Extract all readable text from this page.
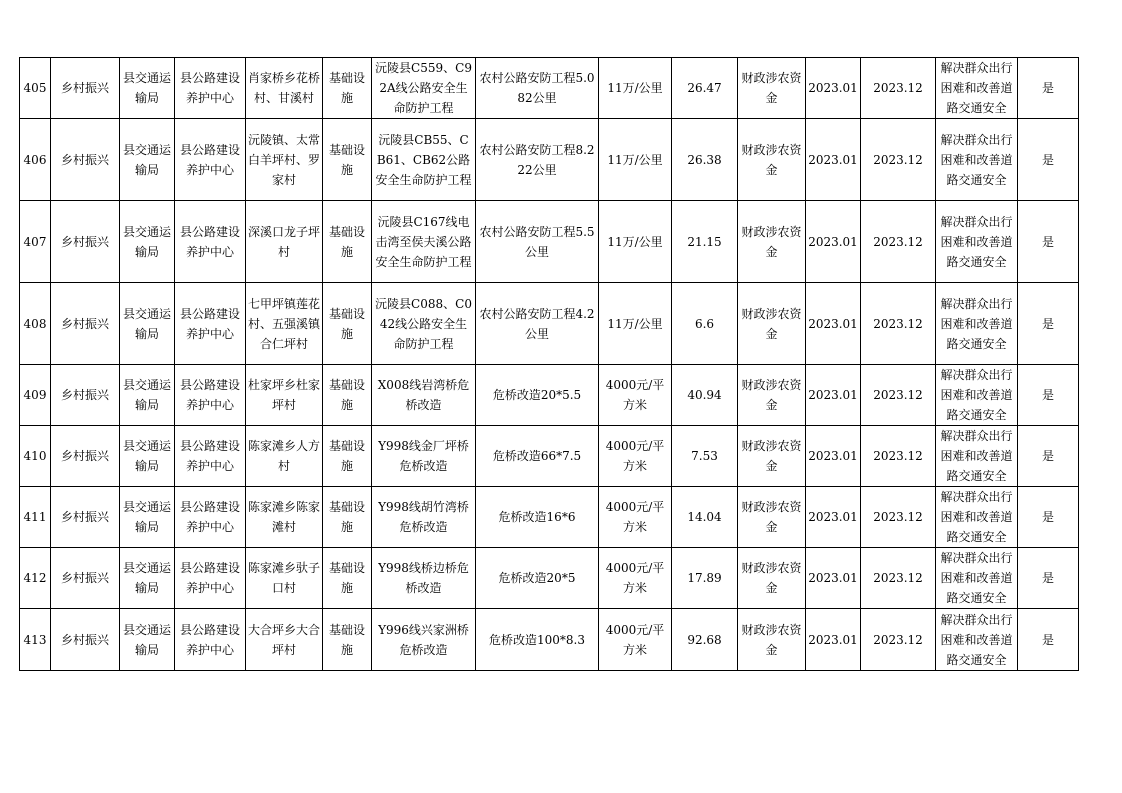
405	乡村振兴	县交通运输局	县公路建设养护中心	肖家桥乡花桥村、甘溪村	基础设施	沅陵县C559、C92A线公路安全生命防护工程	农村公路安防工程5.082公里	11万/公里	26.47	财政涉农资金	2023.01	2023.12	解决群众出行困难和改善道路交通安全	是
406	乡村振兴	县交通运输局	县公路建设养护中心	沅陵镇、太常白羊坪村、罗家村	基础设施	沅陵县CB55、CB61、CB62公路安全生命防护工程	农村公路安防工程8.222公里	11万/公里	26.38	财政涉农资金	2023.01	2023.12	解决群众出行困难和改善道路交通安全	是
407	乡村振兴	县交通运输局	县公路建设养护中心	深溪口龙子坪村	基础设施	沅陵县C167线电击湾至侯夫溪公路安全生命防护工程	农村公路安防工程5.5公里	11万/公里	21.15	财政涉农资金	2023.01	2023.12	解决群众出行困难和改善道路交通安全	是
408	乡村振兴	县交通运输局	县公路建设养护中心	七甲坪镇莲花村、五强溪镇合仁坪村	基础设施	沅陵县C088、C042线公路安全生命防护工程	农村公路安防工程4.2公里	11万/公里	6.6	财政涉农资金	2023.01	2023.12	解决群众出行困难和改善道路交通安全	是
409	乡村振兴	县交通运输局	县公路建设养护中心	杜家坪乡杜家坪村	基础设施	X008线岩湾桥危桥改造	危桥改造20*5.5	4000元/平方米	40.94	财政涉农资金	2023.01	2023.12	解决群众出行困难和改善道路交通安全	是
410	乡村振兴	县交通运输局	县公路建设养护中心	陈家滩乡人方村	基础设施	Y998线金厂坪桥危桥改造	危桥改造66*7.5	4000元/平方米	7.53	财政涉农资金	2023.01	2023.12	解决群众出行困难和改善道路交通安全	是
411	乡村振兴	县交通运输局	县公路建设养护中心	陈家滩乡陈家滩村	基础设施	Y998线胡竹湾桥危桥改造	危桥改造16*6	4000元/平方米	14.04	财政涉农资金	2023.01	2023.12	解决群众出行困难和改善道路交通安全	是
412	乡村振兴	县交通运输局	县公路建设养护中心	陈家滩乡驮子口村	基础设施	Y998线桥边桥危桥改造	危桥改造20*5	4000元/平方米	17.89	财政涉农资金	2023.01	2023.12	解决群众出行困难和改善道路交通安全	是
413	乡村振兴	县交通运输局	县公路建设养护中心	大合坪乡大合坪村	基础设施	Y996线兴家洲桥危桥改造	危桥改造100*8.3	4000元/平方米	92.68	财政涉农资金	2023.01	2023.12	解决群众出行困难和改善道路交通安全	是
